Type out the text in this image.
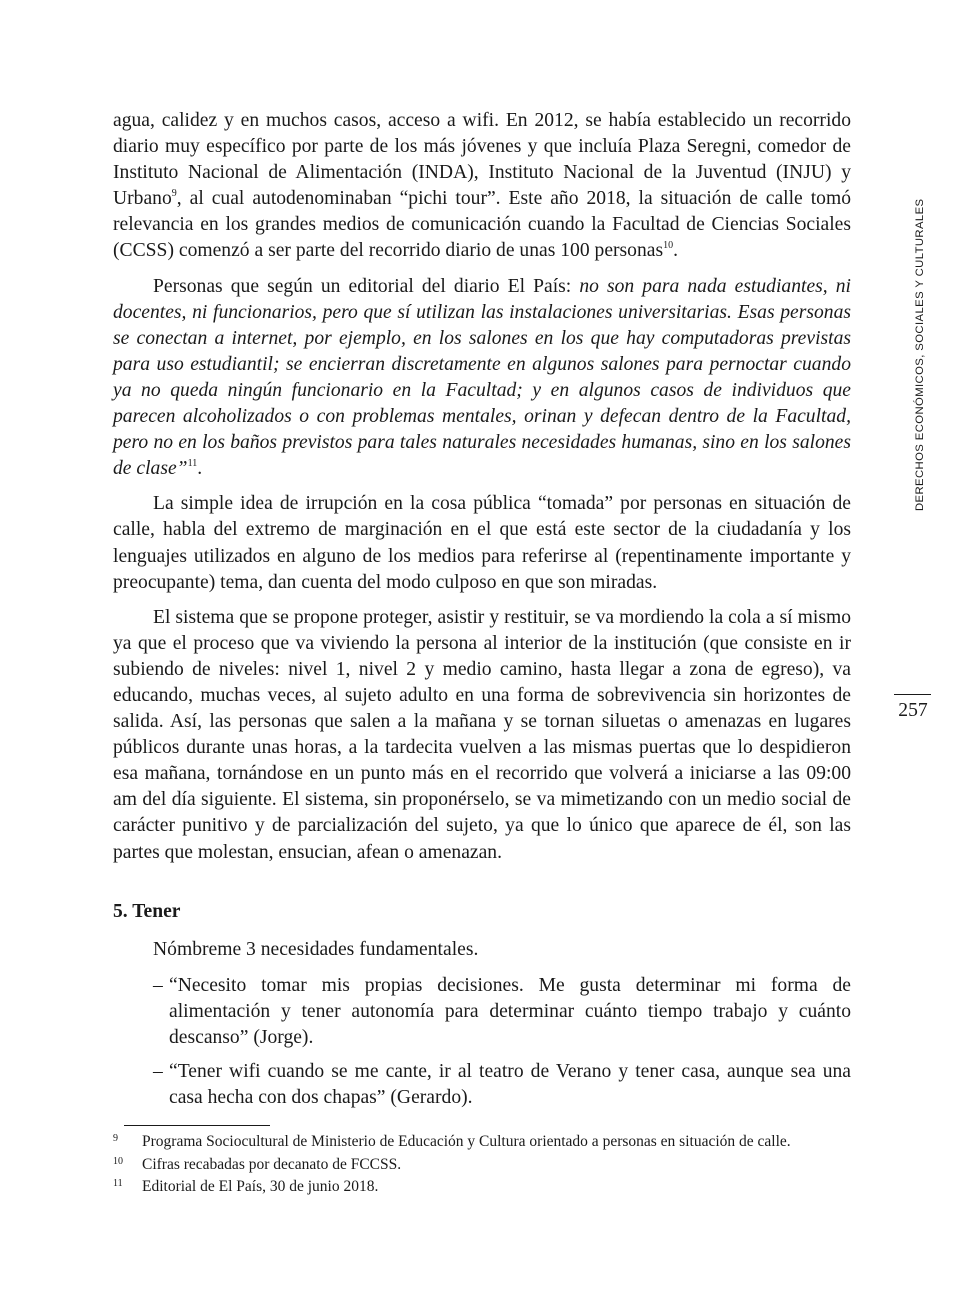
agua, calidez y en muchos casos, acceso a wifi. En 2012, se había establecido un recorrido diario muy específico por parte de los más jóvenes y que incluía Plaza Seregni, comedor de Instituto Nacional de Alimentación (INDA), Instituto Nacional de la Juventud (INJU) y Urbano$^9$, al cual autodenominaban “pichi tour”. Este año 2018, la situación de calle tomó relevancia en los grandes medios de comunicación cuando la Facultad de Ciencias Sociales (CCSS) comenzó a ser parte del recorrido diario de unas 100 personas$^{10}$.

Personas que según un editorial del diario El País: no son para nada estudiantes, ni docentes, ni funcionarios, pero que sí utilizan las instalaciones universitarias. Esas personas se conectan a internet, por ejemplo, en los salones en los que hay computadoras previstas para uso estudiantil; se encierran discretamente en algunos salones para pernoctar cuando ya no queda ningún funcionario en la Facultad; y en algunos casos de individuos que parecen alcoholizados o con problemas mentales, orinan y defecan dentro de la Facultad, pero no en los baños previstos para tales naturales necesidades humanas, sino en los salones de clase”$^{11}$.

La simple idea de irrupción en la cosa pública “tomada” por personas en situación de calle, habla del extremo de marginación en el que está este sector de la ciudadanía y los lenguajes utilizados en alguno de los medios para referirse al (repentinamente importante y preocupante) tema, dan cuenta del modo culposo en que son miradas.

El sistema que se propone proteger, asistir y restituir, se va mordiendo la cola a sí mismo ya que el proceso que va viviendo la persona al interior de la institución (que consiste en ir subiendo de niveles: nivel 1, nivel 2 y medio camino, hasta llegar a zona de egreso), va educando, muchas veces, al sujeto adulto en una forma de sobrevivencia sin horizontes de salida. Así, las personas que salen a la mañana y se tornan siluetas o amenazas en lugares públicos durante unas horas, a la tardecita vuelven a las mismas puertas que lo despidieron esa mañana, tornándose en un punto más en el recorrido que volverá a iniciarse a las 09:00 am del día siguiente. El sistema, sin proponérselo, se va mimetizando con un medio social de carácter punitivo y de parcialización del sujeto, ya que lo único que aparece de él, son las partes que molestan, ensucian, afean o amenazan.

5. Tener

Nómbreme 3 necesidades fundamentales.

– “Necesito tomar mis propias decisiones. Me gusta determinar mi forma de alimentación y tener autonomía para determinar cuánto tiempo trabajo y cuánto descanso” (Jorge).
– “Tener wifi cuando se me cante, ir al teatro de Verano y tener casa, aunque sea una casa hecha con dos chapas” (Gerardo).
9 Programa Sociocultural de Ministerio de Educación y Cultura orientado a personas en situación de calle.
10 Cifras recabadas por decanato de FCCSS.
11 Editorial de El País, 30 de junio 2018.
DERECHOS ECONÓMICOS, SOCIALES Y CULTURALES
257
